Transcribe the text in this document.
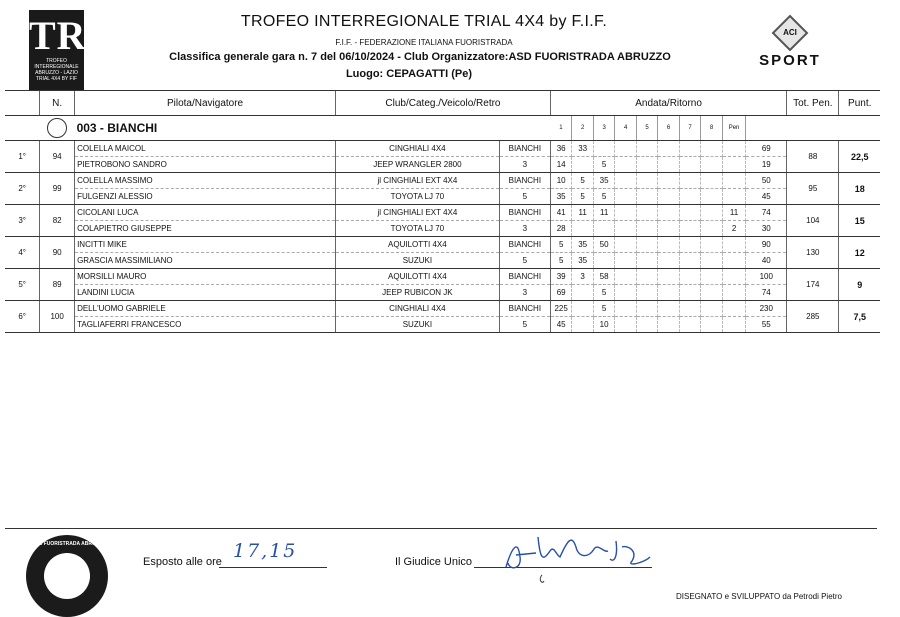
TRT
TROFEO INTERREGIONALE
ABRUZZO - LAZIO
TRIAL 4X4 BY FIF
TROFEO INTERREGIONALE TRIAL 4X4 by F.I.F.
F.I.F. - FEDERAZIONE ITALIANA FUORISTRADA
Classifica generale gara n. 7 del 06/10/2024 - Club Organizzatore:ASD FUORISTRADA ABRUZZO
Luogo: CEPAGATTI (Pe)
ACI
SPORT
	N.	Pilota/Navigatore	Club/Categ./Veicolo/Retro		Andata/Ritorno										Tot. Pen.	Punt.
		003 - BIANCHI			1	2	3	4	5	6	7	8	Pen			
1°	94	COLELLA MAICOL	CINGHIALI 4X4	BIANCHI	36	33								69	88	22,5
		PIETROBONO SANDRO	JEEP WRANGLER 2800	3	14		5							19		
2°	99	COLELLA MASSIMO	jl CINGHIALI EXT 4X4	BIANCHI	10	5	35							50	95	18
		FULGENZI ALESSIO	TOYOTA LJ 70	5	35	5	5							45		
3°	82	CICOLANI LUCA	jl CINGHIALI EXT 4X4	BIANCHI	41	11	11						11	74	104	15
		COLAPIETRO GIUSEPPE	TOYOTA LJ 70	3	28								2	30		
4°	90	INCITTI MIKE	AQUILOTTI 4X4	BIANCHI	5	35	50							90	130	12
		GRASCIA MASSIMILIANO	SUZUKI	5	5	35								40		
5°	89	MORSILLI MAURO	AQUILOTTI 4X4	BIANCHI	39	3	58							100	174	9
		LANDINI LUCIA	JEEP RUBICON JK	3	69		5							74		
6°	100	DELL'UOMO GABRIELE	CINGHIALI 4X4	BIANCHI	225		5							230	285	7,5
		TAGLIAFERRI FRANCESCO	SUZUKI	5	45		10							55		
CLUB FUORISTRADA ABRUZZO
Esposto alle ore 17,15	Il Giudice Unico
DISEGNATO e SVILUPPATO da Petrodi Pietro
